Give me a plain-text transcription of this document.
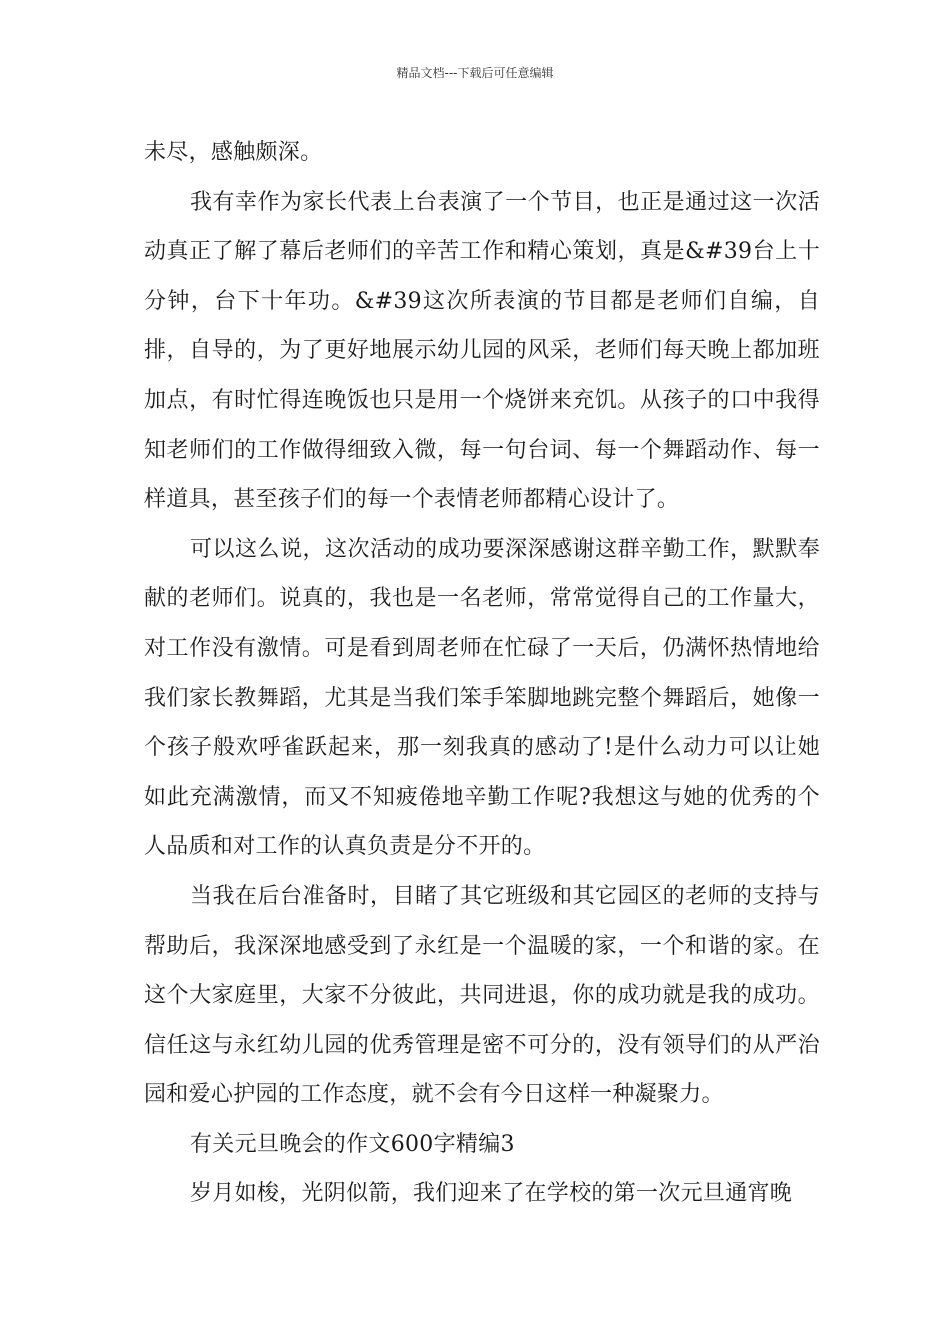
精品文档---下载后可任意编辑

未尽，感触颇深。

我有幸作为家长代表上台表演了一个节目，也正是通过这一次活动真正了解了幕后老师们的辛苦工作和精心策划，真是&#39台上十分钟，台下十年功。&#39这次所表演的节目都是老师们自编，自排，自导的，为了更好地展示幼儿园的风采，老师们每天晚上都加班加点，有时忙得连晚饭也只是用一个烧饼来充饥。从孩子的口中我得知老师们的工作做得细致入微，每一句台词、每一个舞蹈动作、每一样道具，甚至孩子们的每一个表情老师都精心设计了。

可以这么说，这次活动的成功要深深感谢这群辛勤工作，默默奉献的老师们。说真的，我也是一名老师，常常觉得自己的工作量大，对工作没有激情。可是看到周老师在忙碌了一天后，仍满怀热情地给我们家长教舞蹈，尤其是当我们笨手笨脚地跳完整个舞蹈后，她像一个孩子般欢呼雀跃起来，那一刻我真的感动了!是什么动力可以让她如此充满激情，而又不知疲倦地辛勤工作呢?我想这与她的优秀的个人品质和对工作的认真负责是分不开的。

当我在后台准备时，目睹了其它班级和其它园区的老师的支持与帮助后，我深深地感受到了永红是一个温暖的家，一个和谐的家。在这个大家庭里，大家不分彼此，共同进退，你的成功就是我的成功。信任这与永红幼儿园的优秀管理是密不可分的，没有领导们的从严治园和爱心护园的工作态度，就不会有今日这样一种凝聚力。

有关元旦晚会的作文600字精编3

岁月如梭，光阴似箭，我们迎来了在学校的第一次元旦通宵晚
